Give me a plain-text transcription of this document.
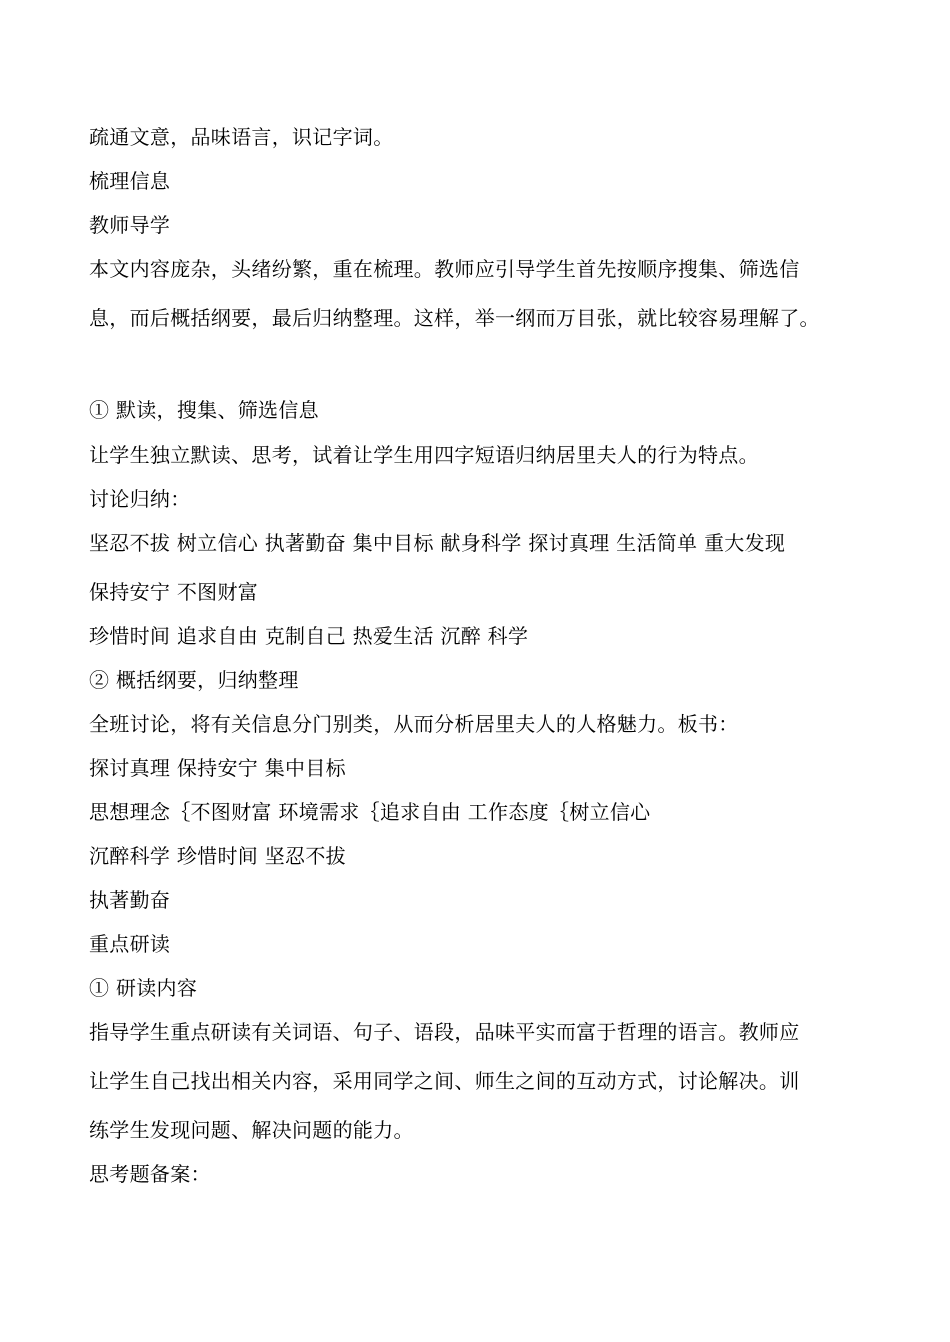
疏通文意，品味语言，识记字词。
梳理信息
教师导学
本文内容庞杂，头绪纷繁，重在梳理。教师应引导学生首先按顺序搜集、筛选信
息，而后概括纲要，最后归纳整理。这样，举一纲而万目张，就比较容易理解了。
① 默读，搜集、筛选信息
让学生独立默读、思考，试着让学生用四字短语归纳居里夫人的行为特点。
讨论归纳：
坚忍不拔 树立信心 执著勤奋 集中目标 献身科学 探讨真理 生活简单 重大发现
保持安宁 不图财富
珍惜时间 追求自由 克制自己 热爱生活 沉醉 科学
② 概括纲要，归纳整理
全班讨论，将有关信息分门别类，从而分析居里夫人的人格魅力。板书：
探讨真理 保持安宁 集中目标
思想理念｛不图财富 环境需求｛追求自由 工作态度｛树立信心
沉醉科学 珍惜时间 坚忍不拔
执著勤奋
重点研读
① 研读内容
指导学生重点研读有关词语、句子、语段，品味平实而富于哲理的语言。教师应
让学生自己找出相关内容，采用同学之间、师生之间的互动方式，讨论解决。训
练学生发现问题、解决问题的能力。
思考题备案：
